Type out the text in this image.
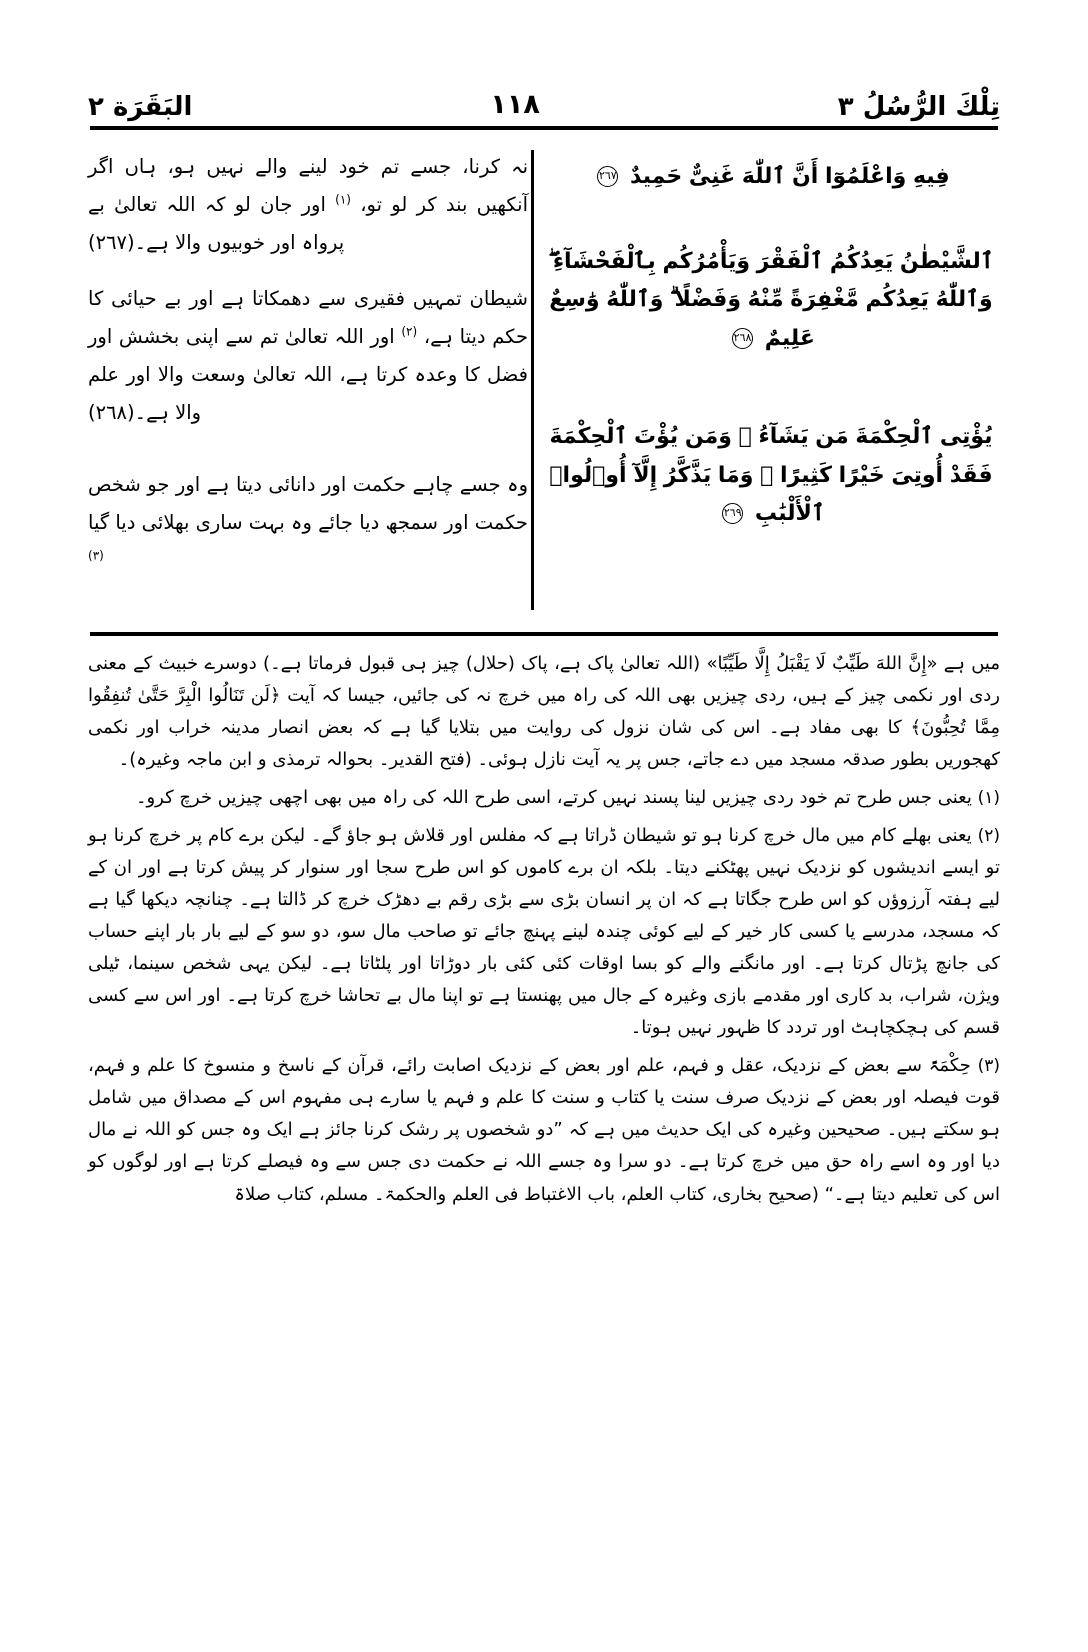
تِلْكَ الرُّسُلُ ٣
١١٨
البَقَرَة ٢
فِيهِ وَاعْلَمُوٓا أَنَّ ٱللّٰهَ غَنِىٌّ حَمِيدٌ ٢٦٧
ٱلشَّيْطٰنُ يَعِدُكُمُ ٱلْفَقْرَ وَيَأْمُرُكُم بِٱلْفَحْشَآءِ ۖ وَٱللّٰهُ يَعِدُكُم مَّغْفِرَةً مِّنْهُ وَفَضْلًا ۗ وَٱللّٰهُ وَٰسِعٌ عَلِيمٌ ٢٦٨
يُؤْتِى ٱلْحِكْمَةَ مَن يَشَآءُ ۚ وَمَن يُؤْتَ ٱلْحِكْمَةَ فَقَدْ أُوتِىَ خَيْرًا كَثِيرًا ۗ وَمَا يَذَّكَّرُ إِلَّآ أُو۟لُوا۟ ٱلْأَلْبَٰبِ ٢٦٩
نہ کرنا، جسے تم خود لینے والے نہیں ہو، ہاں اگر آنکھیں بند کر لو تو، $^{(١)}$ اور جان لو کہ اللہ تعالیٰ بے پرواہ اور خوبیوں والا ہے۔(٢٦٧)
شیطان تمہیں فقیری سے دھمکاتا ہے اور بے حیائی کا حکم دیتا ہے، $^{(٢)}$ اور اللہ تعالیٰ تم سے اپنی بخشش اور فضل کا وعدہ کرتا ہے، اللہ تعالیٰ وسعت والا اور علم والا ہے۔(٢٦٨)
وہ جسے چاہے حکمت اور دانائی دیتا ہے اور جو شخص حکمت اور سمجھ دیا جائے وہ بہت ساری بھلائی دیا گیا $^{(٣)}$

میں ہے «إِنَّ اللهَ طَيِّبٌ لَا يَقْبَلُ إِلَّا طَيِّبًا» (اللہ تعالیٰ پاک ہے، پاک (حلال) چیز ہی قبول فرماتا ہے۔) دوسرے خبیث کے معنی ردی اور نکمی چیز کے ہیں، ردی چیزیں بھی اللہ کی راہ میں خرچ نہ کی جائیں، جیسا کہ آیت ﴿لَن تَنَالُوا الْبِرَّ حَتَّىٰ تُنفِقُوا مِمَّا تُحِبُّونَ﴾ کا بھی مفاد ہے۔ اس کی شان نزول کی روایت میں بتلایا گیا ہے کہ بعض انصار مدینہ خراب اور نکمی کھجوریں بطور صدقہ مسجد میں دے جاتے، جس پر یہ آیت نازل ہوئی۔ (فتح القدیر۔ بحوالہ ترمذی و ابن ماجہ وغیرہ)۔

(١) یعنی جس طرح تم خود ردی چیزیں لینا پسند نہیں کرتے، اسی طرح اللہ کی راہ میں بھی اچھی چیزیں خرچ کرو۔

(٢) یعنی بھلے کام میں مال خرچ کرنا ہو تو شیطان ڈراتا ہے کہ مفلس اور قلاش ہو جاؤ گے۔ لیکن برے کام پر خرچ کرنا ہو تو ایسے اندیشوں کو نزدیک نہیں پھٹکنے دیتا۔ بلکہ ان برے کاموں کو اس طرح سجا اور سنوار کر پیش کرتا ہے اور ان کے لیے ہفتہ آرزوؤں کو اس طرح جگاتا ہے کہ ان پر انسان بڑی سے بڑی رقم بے دھڑک خرچ کر ڈالتا ہے۔ چنانچہ دیکھا گیا ہے کہ مسجد، مدرسے یا کسی کار خیر کے لیے کوئی چندہ لینے پہنچ جائے تو صاحب مال سو، دو سو کے لیے بار بار اپنے حساب کی جانچ پڑتال کرتا ہے۔ اور مانگنے والے کو بسا اوقات کئی کئی بار دوڑاتا اور پلٹاتا ہے۔ لیکن یہی شخص سینما، ٹیلی ویژن، شراب، بد کاری اور مقدمے بازی وغیرہ کے جال میں پھنستا ہے تو اپنا مال بے تحاشا خرچ کرتا ہے۔ اور اس سے کسی قسم کی ہچکچاہٹ اور تردد کا ظہور نہیں ہوتا۔

(٣) حِکْمَۃً سے بعض کے نزدیک، عقل و فہم، علم اور بعض کے نزدیک اصابت رائے، قرآن کے ناسخ و منسوخ کا علم و فہم، قوت فیصلہ اور بعض کے نزدیک صرف سنت یا کتاب و سنت کا علم و فہم یا سارے ہی مفہوم اس کے مصداق میں شامل ہو سکتے ہیں۔ صحیحین وغیرہ کی ایک حدیث میں ہے کہ ”دو شخصوں پر رشک کرنا جائز ہے ایک وہ جس کو اللہ نے مال دیا اور وہ اسے راہ حق میں خرچ کرتا ہے۔ دو سرا وہ جسے اللہ نے حکمت دی جس سے وہ فیصلے کرتا ہے اور لوگوں کو اس کی تعلیم دیتا ہے۔“ (صحیح بخاری، کتاب العلم، باب الاغتباط فی العلم والحکمۃ۔ مسلم، کتاب صلاۃ
